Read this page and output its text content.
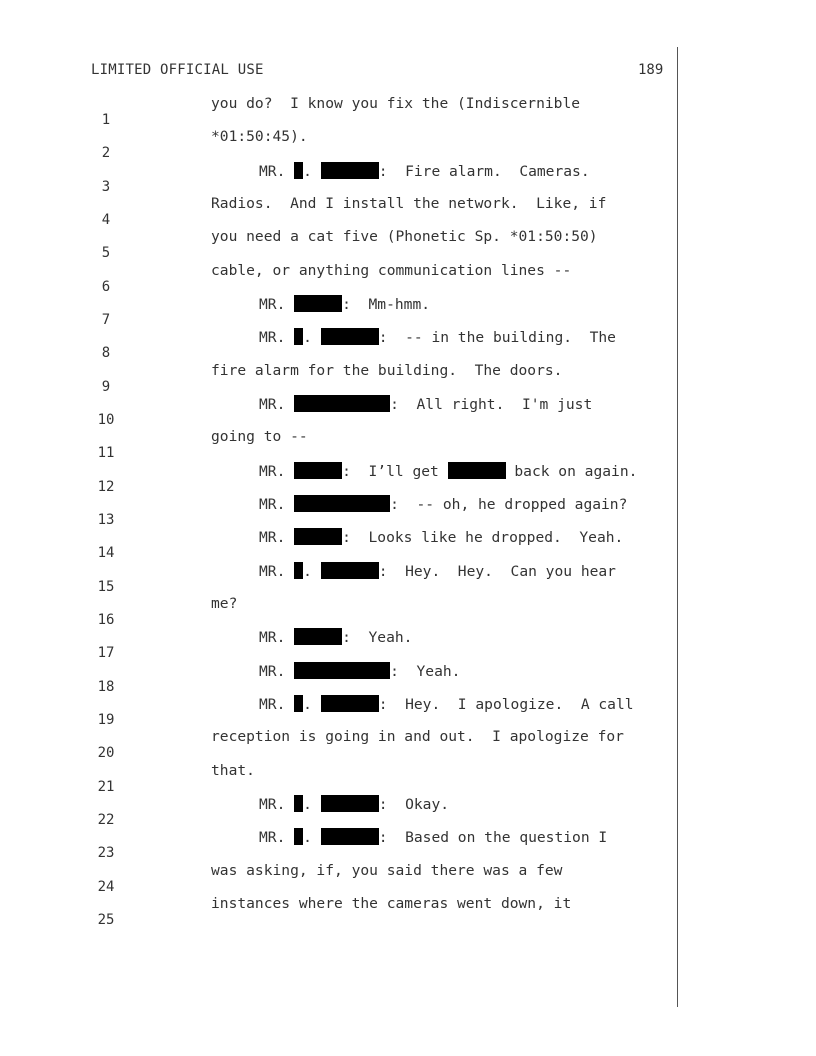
LIMITED OFFICIAL USE	189

1

you do?  I know you fix the (Indiscernible

2

*01:50:45).

3

MR. .	:  Fire alarm.  Cameras.

4

Radios.  And I install the network.  Like, if

5

you need a cat five (Phonetic Sp. *01:50:50)

6

cable, or anything communication lines --

7

MR.	:  Mm-hmm.

8

MR. .	:  -- in the building.  The

9

fire alarm for the building.  The doors.

10

MR.	:  All right.  I'm just

11

going to --

12

MR.	:  I’ll get	back on again.

13

MR.	:  -- oh, he dropped again?

14

MR.	:  Looks like he dropped.  Yeah.

15

MR. .	:  Hey.  Hey.  Can you hear

16

me?

17

MR.	:  Yeah.

18

MR.	:  Yeah.

19

MR. .	:  Hey.  I apologize.  A call

20

reception is going in and out.  I apologize for

21

that.

22

MR. .	:  Okay.

23

MR. .	:  Based on the question I

24

was asking, if, you said there was a few

25

instances where the cameras went down, it
